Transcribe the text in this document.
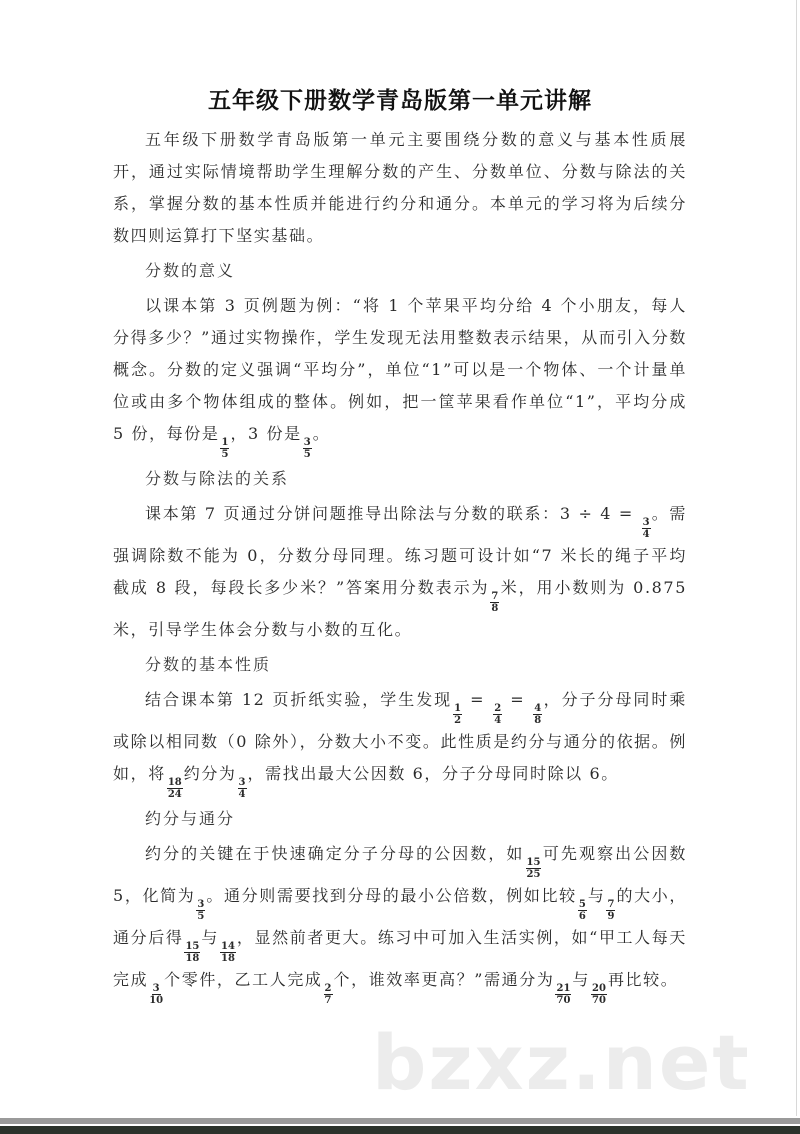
五年级下册数学青岛版第一单元讲解

五年级下册数学青岛版第一单元主要围绕分数的意义与基本性质展开，通过实际情境帮助学生理解分数的产生、分数单位、分数与除法的关系，掌握分数的基本性质并能进行约分和通分。本单元的学习将为后续分数四则运算打下坚实基础。

分数的意义

以课本第 3 页例题为例：“将 1 个苹果平均分给 4 个小朋友，每人分得多少？”通过实物操作，学生发现无法用整数表示结果，从而引入分数概念。分数的定义强调“平均分”，单位“1”可以是一个物体、一个计量单位或由多个物体组成的整体。例如，把一筐苹果看作单位“1”，平均分成 5 份，每份是
$\frac{1}{5}$
，3 份是
$\frac{3}{5}$
。

分数与除法的关系

课本第 7 页通过分饼问题推导出除法与分数的联系：3 ÷ 4 =
$\frac{3}{4}$
。需强调除数不能为 0，分数分母同理。练习题可设计如“7 米长的绳子平均截成 8 段，每段长多少米？”答案用分数表示为
$\frac{7}{8}$
米，用小数则为 0.875 米，引导学生体会分数与小数的互化。

分数的基本性质

结合课本第 12 页折纸实验，学生发现
$\frac{1}{2}$
=
$\frac{2}{4}$
=
$\frac{4}{8}$
，分子分母同时乘或除以相同数（0 除外），分数大小不变。此性质是约分与通分的依据。例如，将
$\frac{18}{24}$
约分为
$\frac{3}{4}$
，需找出最大公因数 6，分子分母同时除以 6。

约分与通分

约分的关键在于快速确定分子分母的公因数，如
$\frac{15}{25}$
可先观察出公因数 5，化简为
$\frac{3}{5}$
。通分则需要找到分母的最小公倍数，例如比较
$\frac{5}{6}$
与
$\frac{7}{9}$
的大小，通分后得
$\frac{15}{18}$
与
$\frac{14}{18}$
，显然前者更大。练习中可加入生活实例，如“甲工人每天完成
$\frac{3}{10}$
个零件，乙工人完成
$\frac{2}{7}$
个，谁效率更高？”需通分为
$\frac{21}{70}$
与
$\frac{20}{70}$
再比较。

bzxz.net
